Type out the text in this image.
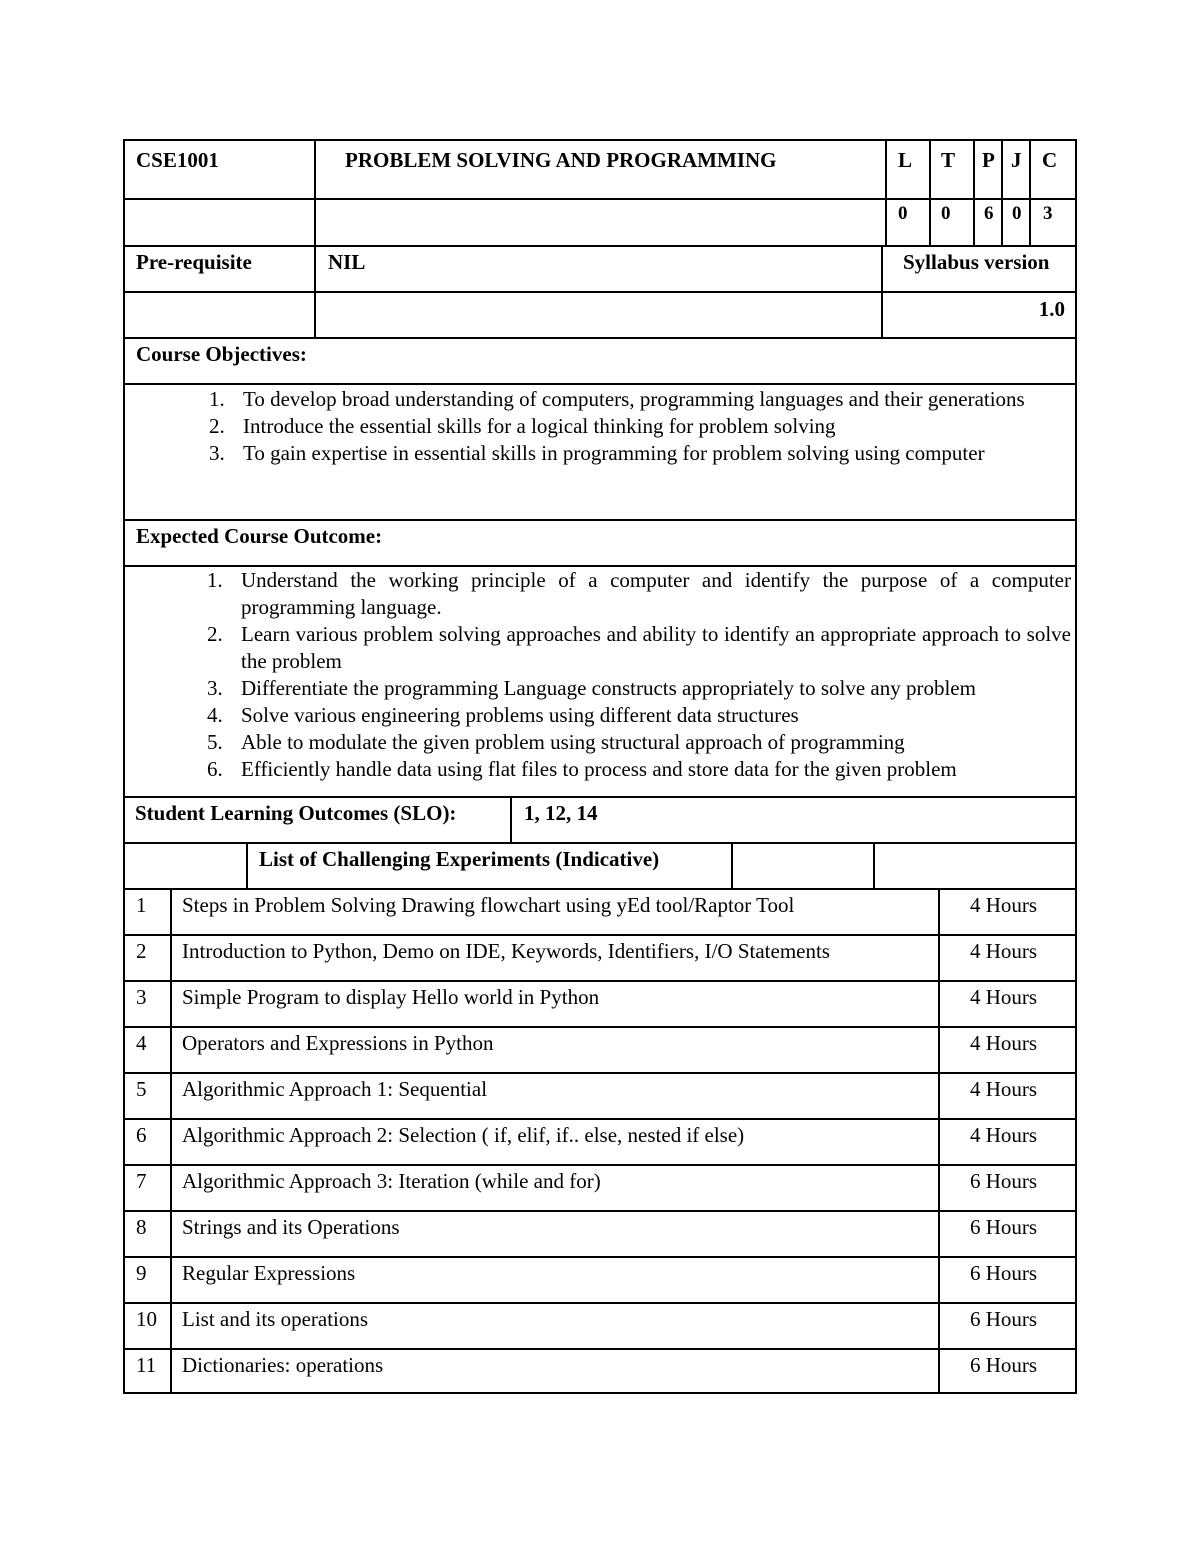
CSE1001	PROBLEM SOLVING AND PROGRAMMING	L T P J C
0 0 6 0 3
Pre-requisite	NIL	Syllabus version
1.0
Course Objectives:
1. To develop broad understanding of computers, programming languages and their generations
2. Introduce the essential skills for a logical thinking for problem solving
3. To gain expertise in essential skills in programming for problem solving using computer
Expected Course Outcome:
1. Understand the working principle of a computer and identify the purpose of a computer programming language.
2. Learn various problem solving approaches and ability to identify an appropriate approach to solve the problem
3. Differentiate the programming Language constructs appropriately to solve any problem
4. Solve various engineering problems using different data structures
5. Able to modulate the given problem using structural approach of programming
6. Efficiently handle data using flat files to process and store data for the given problem
Student Learning Outcomes (SLO):	1, 12, 14
List of Challenging Experiments (Indicative)
1 Steps in Problem Solving Drawing flowchart using yEd tool/Raptor Tool	4 Hours
2 Introduction to Python, Demo on IDE, Keywords, Identifiers, I/O Statements	4 Hours
3 Simple Program to display Hello world in Python	4 Hours
4 Operators and Expressions in Python	4 Hours
5 Algorithmic Approach 1: Sequential	4 Hours
6 Algorithmic Approach 2: Selection ( if, elif, if.. else, nested if else)	4 Hours
7 Algorithmic Approach 3: Iteration (while and for)	6 Hours
8 Strings and its Operations	6 Hours
9 Regular Expressions	6 Hours
10 List and its operations	6 Hours
11 Dictionaries: operations	6 Hours
